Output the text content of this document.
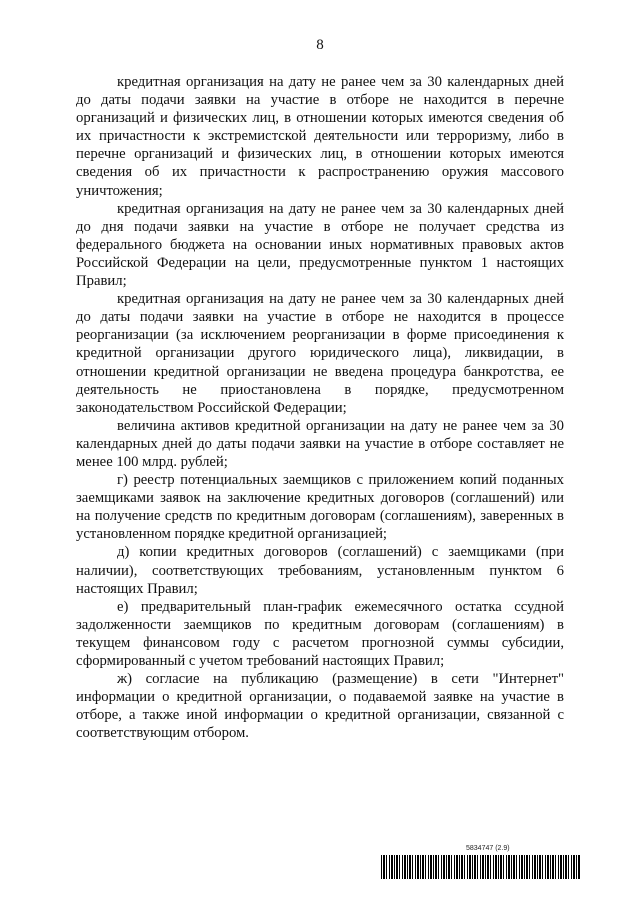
8

кредитная организация на дату не ранее чем за 30 календарных дней до даты подачи заявки на участие в отборе не находится в перечне организаций и физических лиц, в отношении которых имеются сведения об их причастности к экстремистской деятельности или терроризму, либо в перечне организаций и физических лиц, в отношении которых имеются сведения об их причастности к распространению оружия массового уничтожения;

кредитная организация на дату не ранее чем за 30 календарных дней до дня подачи заявки на участие в отборе не получает средства из федерального бюджета на основании иных нормативных правовых актов Российской Федерации на цели, предусмотренные пунктом 1 настоящих Правил;

кредитная организация на дату не ранее чем за 30 календарных дней до даты подачи заявки на участие в отборе не находится в процессе реорганизации (за исключением реорганизации в форме присоединения к кредитной организации другого юридического лица), ликвидации, в отношении кредитной организации не введена процедура банкротства, ее деятельность не приостановлена в порядке, предусмотренном законодательством Российской Федерации;

величина активов кредитной организации на дату не ранее чем за 30 календарных дней до даты подачи заявки на участие в отборе составляет не менее 100 млрд. рублей;

г) реестр потенциальных заемщиков с приложением копий поданных заемщиками заявок на заключение кредитных договоров (соглашений) или на получение средств по кредитным договорам (соглашениям), заверенных в установленном порядке кредитной организацией;

д) копии кредитных договоров (соглашений) с заемщиками (при наличии), соответствующих требованиям, установленным пунктом 6 настоящих Правил;

е) предварительный план-график ежемесячного остатка ссудной задолженности заемщиков по кредитным договорам (соглашениям) в текущем финансовом году с расчетом прогнозной суммы субсидии, сформированный с учетом требований настоящих Правил;

ж) согласие на публикацию (размещение) в сети "Интернет" информации о кредитной организации, о подаваемой заявке на участие в отборе, а также иной информации о кредитной организации, связанной с соответствующим отбором.

5834747 (2.9)
